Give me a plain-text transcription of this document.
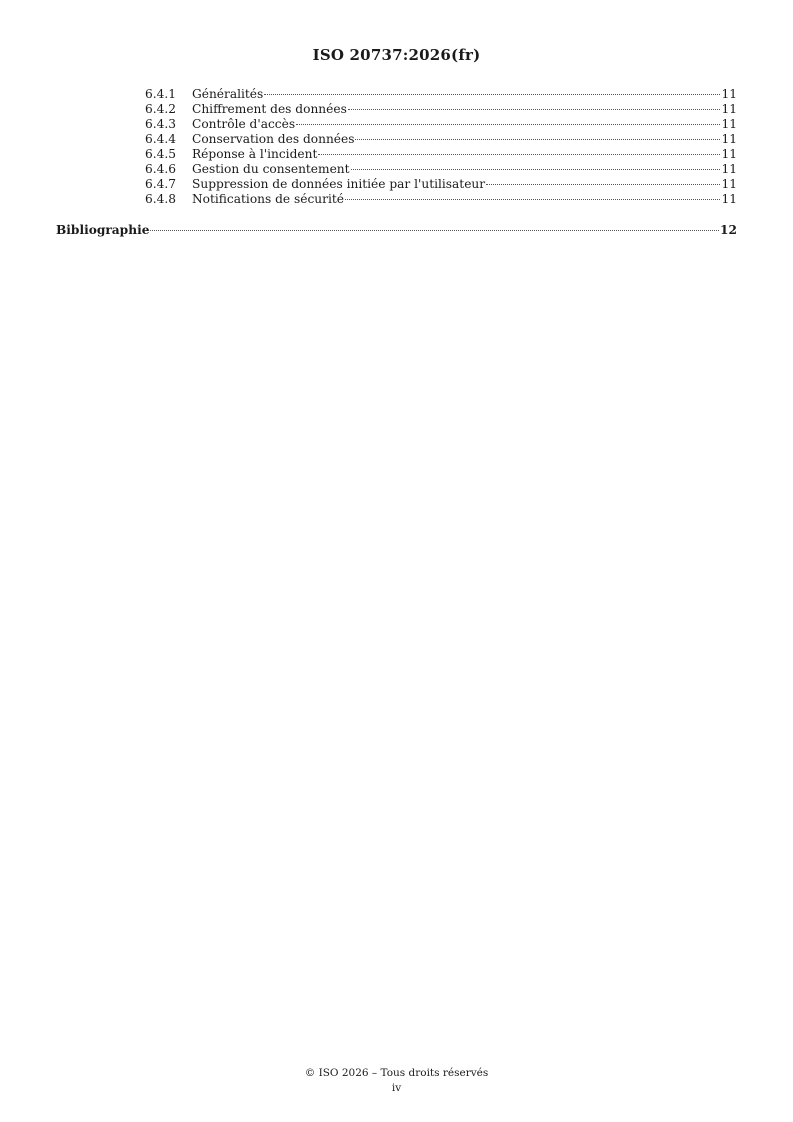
ISO 20737:2026(fr)
6.4.1	Généralités	11
6.4.2	Chiffrement des données	11
6.4.3	Contrôle d'accès	11
6.4.4	Conservation des données	11
6.4.5	Réponse à l'incident	11
6.4.6	Gestion du consentement	11
6.4.7	Suppression de données initiée par l'utilisateur	11
6.4.8	Notifications de sécurité	11
Bibliographie	12
© ISO 2026 – Tous droits réservés
iv
